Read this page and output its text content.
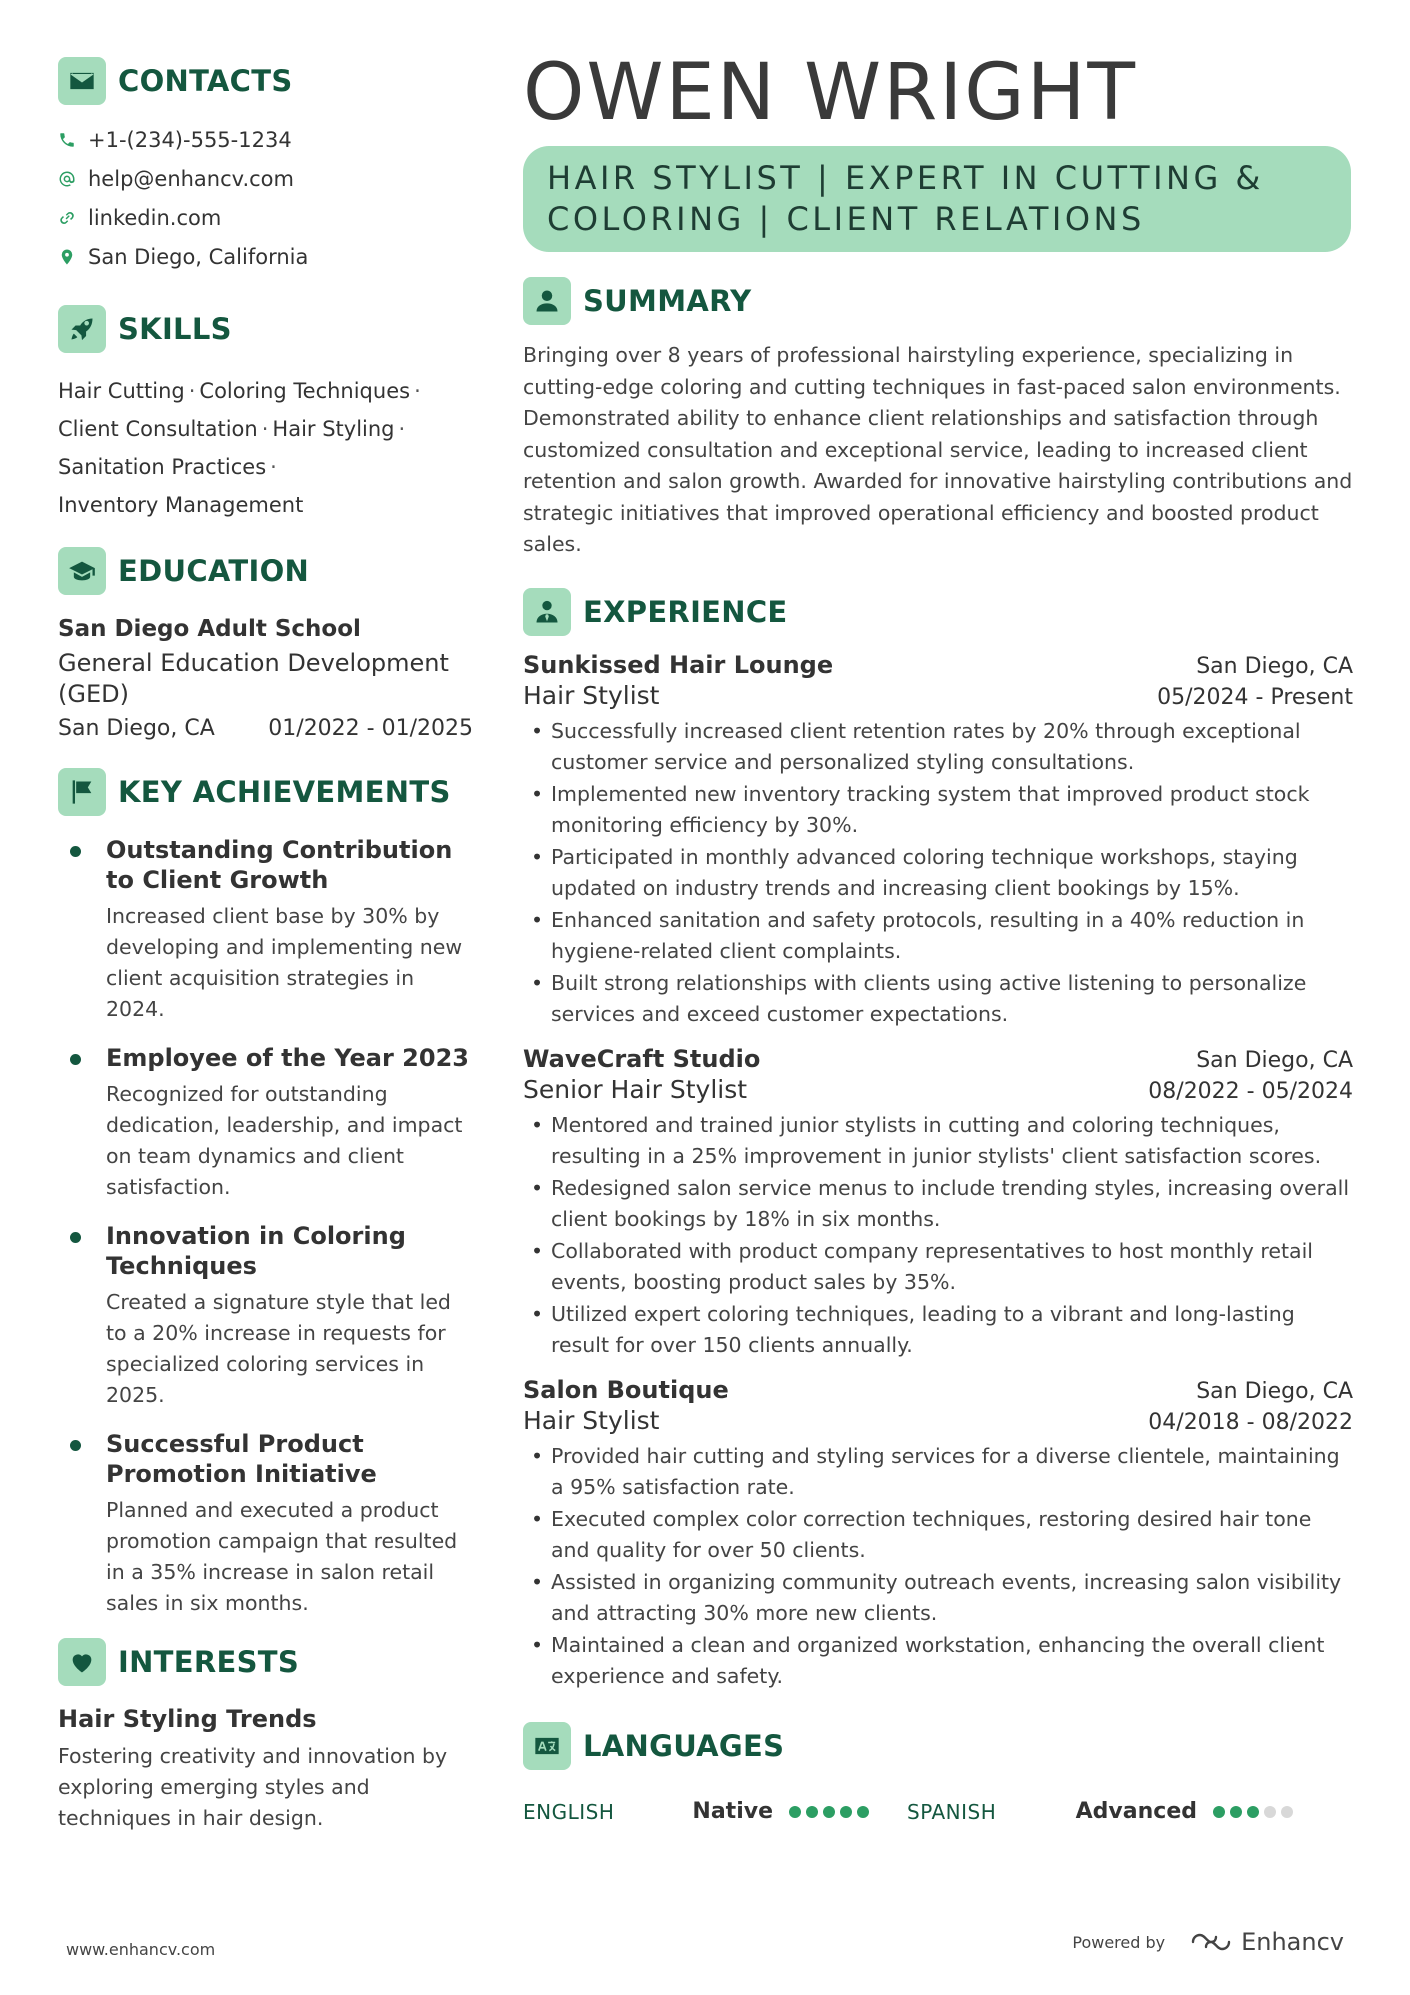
CONTACTS
+1-(234)-555-1234
help@enhancv.com
linkedin.com
San Diego, California
SKILLS
Hair Cutting · Coloring Techniques ·
Client Consultation · Hair Styling ·
Sanitation Practices ·
Inventory Management
EDUCATION
San Diego Adult School
General Education Development (GED)
San Diego, CA 01/2022 - 01/2025
KEY ACHIEVEMENTS
Outstanding Contribution to Client Growth
Increased client base by 30% by developing and implementing new client acquisition strategies in 2024.
Employee of the Year 2023
Recognized for outstanding dedication, leadership, and impact on team dynamics and client satisfaction.
Innovation in Coloring Techniques
Created a signature style that led to a 20% increase in requests for specialized coloring services in 2025.
Successful Product Promotion Initiative
Planned and executed a product promotion campaign that resulted in a 35% increase in salon retail sales in six months.
INTERESTS
Hair Styling Trends
Fostering creativity and innovation by exploring emerging styles and techniques in hair design.
OWEN WRIGHT
HAIR STYLIST | EXPERT IN CUTTING &
COLORING | CLIENT RELATIONS
SUMMARY
Bringing over 8 years of professional hairstyling experience, specializing in cutting-edge coloring and cutting techniques in fast-paced salon environments. Demonstrated ability to enhance client relationships and satisfaction through customized consultation and exceptional service, leading to increased client retention and salon growth. Awarded for innovative hairstyling contributions and strategic initiatives that improved operational efficiency and boosted product sales.
EXPERIENCE
Sunkissed Hair Lounge	San Diego, CA
Hair Stylist	05/2024 - Present
• Successfully increased client retention rates by 20% through exceptional customer service and personalized styling consultations.
• Implemented new inventory tracking system that improved product stock monitoring efficiency by 30%.
• Participated in monthly advanced coloring technique workshops, staying updated on industry trends and increasing client bookings by 15%.
• Enhanced sanitation and safety protocols, resulting in a 40% reduction in hygiene-related client complaints.
• Built strong relationships with clients using active listening to personalize services and exceed customer expectations.
WaveCraft Studio	San Diego, CA
Senior Hair Stylist	08/2022 - 05/2024
• Mentored and trained junior stylists in cutting and coloring techniques, resulting in a 25% improvement in junior stylists' client satisfaction scores.
• Redesigned salon service menus to include trending styles, increasing overall client bookings by 18% in six months.
• Collaborated with product company representatives to host monthly retail events, boosting product sales by 35%.
• Utilized expert coloring techniques, leading to a vibrant and long-lasting result for over 150 clients annually.
Salon Boutique	San Diego, CA
Hair Stylist	04/2018 - 08/2022
• Provided hair cutting and styling services for a diverse clientele, maintaining a 95% satisfaction rate.
• Executed complex color correction techniques, restoring desired hair tone and quality for over 50 clients.
• Assisted in organizing community outreach events, increasing salon visibility and attracting 30% more new clients.
• Maintained a clean and organized workstation, enhancing the overall client experience and safety.
LANGUAGES
ENGLISH	Native	SPANISH	Advanced
www.enhancv.com	Powered by	Enhancv
